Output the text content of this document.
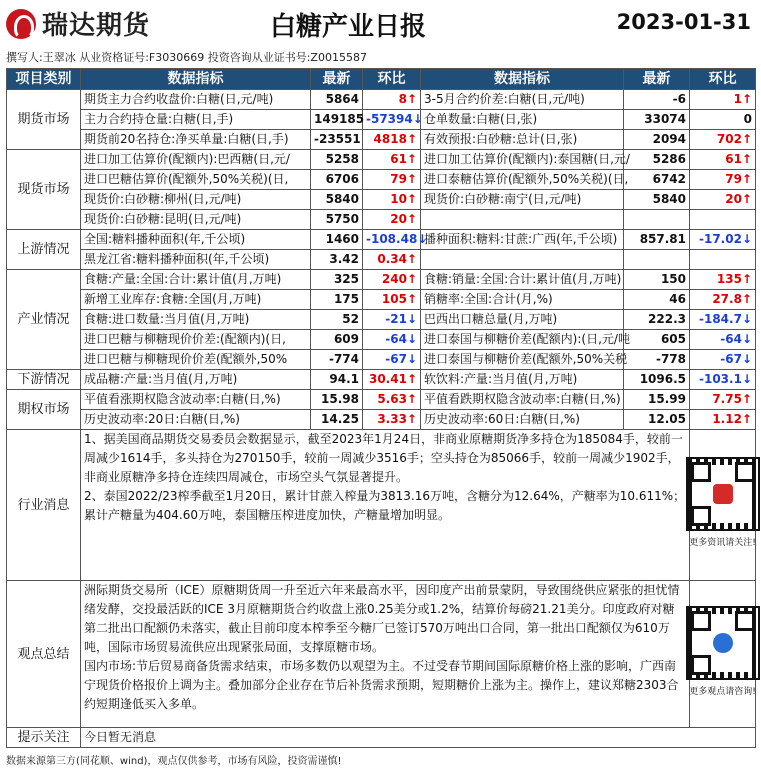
瑞达期货	白糖产业日报	2023-01-31
撰写人:王翠冰 从业资格证号:F3030669 投资咨询从业证书号:Z0015587
项目类别	数据指标	最新	环比	数据指标	最新	环比
期货市场	期货主力合约收盘价:白糖(日,元/吨)	5864	8↑	3-5月合约价差:白糖(日,元/吨)	-6	1↑
	主力合约持仓量:白糖(日,手)	149185	-57394↓	仓单数量:白糖(日,张)	33074	0
	期货前20名持仓:净买单量:白糖(日,手)	-23551	4818↑	有效预报:白砂糖:总计(日,张)	2094	702↑
现货市场	进口加工估算价(配额内):巴西糖(日,元/	5258	61↑	进口加工估算价(配额内):泰国糖(日,元/	5286	61↑
	进口巴糖估算价(配额外,50%关税)(日,	6706	79↑	进口泰糖估算价(配额外,50%关税)(日,	6742	79↑
	现货价:白砂糖:柳州(日,元/吨)	5840	10↑	现货价:白砂糖:南宁(日,元/吨)	5840	20↑
	现货价:白砂糖:昆明(日,元/吨)	5750	20↑			
上游情况	全国:糖料播种面积(年,千公顷)	1460	-108.48↓	播种面积:糖料:甘蔗:广西(年,千公顷)	857.81	-17.02↓
	黑龙江省:糖料播种面积(年,千公顷)	3.42	0.34↑			
产业情况	食糖:产量:全国:合计:累计值(月,万吨)	325	240↑	食糖:销量:全国:合计:累计值(月,万吨)	150	135↑
	新增工业库存:食糖:全国(月,万吨)	175	105↑	销糖率:全国:合计(月,%)	46	27.8↑
	食糖:进口数量:当月值(月,万吨)	52	-21↓	巴西出口糖总量(月,万吨)	222.3	-184.7↓
	进口巴糖与柳糖现价价差:(配额内)(日,	609	-64↓	进口泰国与柳糖价差(配额内):(日,元/吨	605	-64↓
	进口巴糖与柳糖现价价差(配额外,50%	-774	-67↓	进口泰国与柳糖价差(配额外,50%关税	-778	-67↓
下游情况	成品糖:产量:当月值(月,万吨)	94.1	30.41↑	软饮料:产量:当月值(月,万吨)	1096.5	-103.1↓
期权市场	平值看涨期权隐含波动率:白糖(日,%)	15.98	5.63↑	平值看跌期权隐含波动率:白糖(日,%)	15.99	7.75↑
	历史波动率:20日:白糖(日,%)	14.25	3.33↑	历史波动率:60日:白糖(日,%)	12.05	1.12↑
行业消息	1、据美国商品期货交易委员会数据显示，截至2023年1月24日，非商业原糖期货净多持仓为185084手，较前一周减少1614手，多头持仓为270150手，较前一周减少3516手；空头持仓为85066手，较前一周减少1902手，非商业原糖净多持仓连续四周减仓，市场空头气氛显著提升。
2、泰国2022/23榨季截至1月20日，累计甘蔗入榨量为3813.16万吨，含糖分为12.64%，产糖率为10.611%；累计产糖量为404.60万吨，泰国糖压榨进度加快，产糖量增加明显。					更多资讯请关注!

观点总结	洲际期货交易所（ICE）原糖期货周一升至近六年来最高水平，因印度产出前景蒙阴，导致围绕供应紧张的担忧情绪发酵，交投最活跃的ICE 3月原糖期货合约收盘上涨0.25美分或1.2%，结算价每磅21.21美分。印度政府对糖第二批出口配额仍未落实，截止目前印度本榨季至今糖厂已签订570万吨出口合同，第一批出口配额仅为610万吨，国际市场贸易流供应出现紧张局面，支撑原糖市场。
国内市场:节后贸易商备货需求结束，市场多数仍以观望为主。不过受春节期间国际原糖价格上涨的影响，广西南宁现货价格报价上调为主。叠加部分企业存在节后补货需求预期，短期糖价上涨为主。操作上，建议郑糖2303合约短期逢低买入多单。					更多观点请咨询!

提示关注	今日暂无消息					
数据来源第三方(同花顺、wind)，观点仅供参考，市场有风险，投资需谨慎!
